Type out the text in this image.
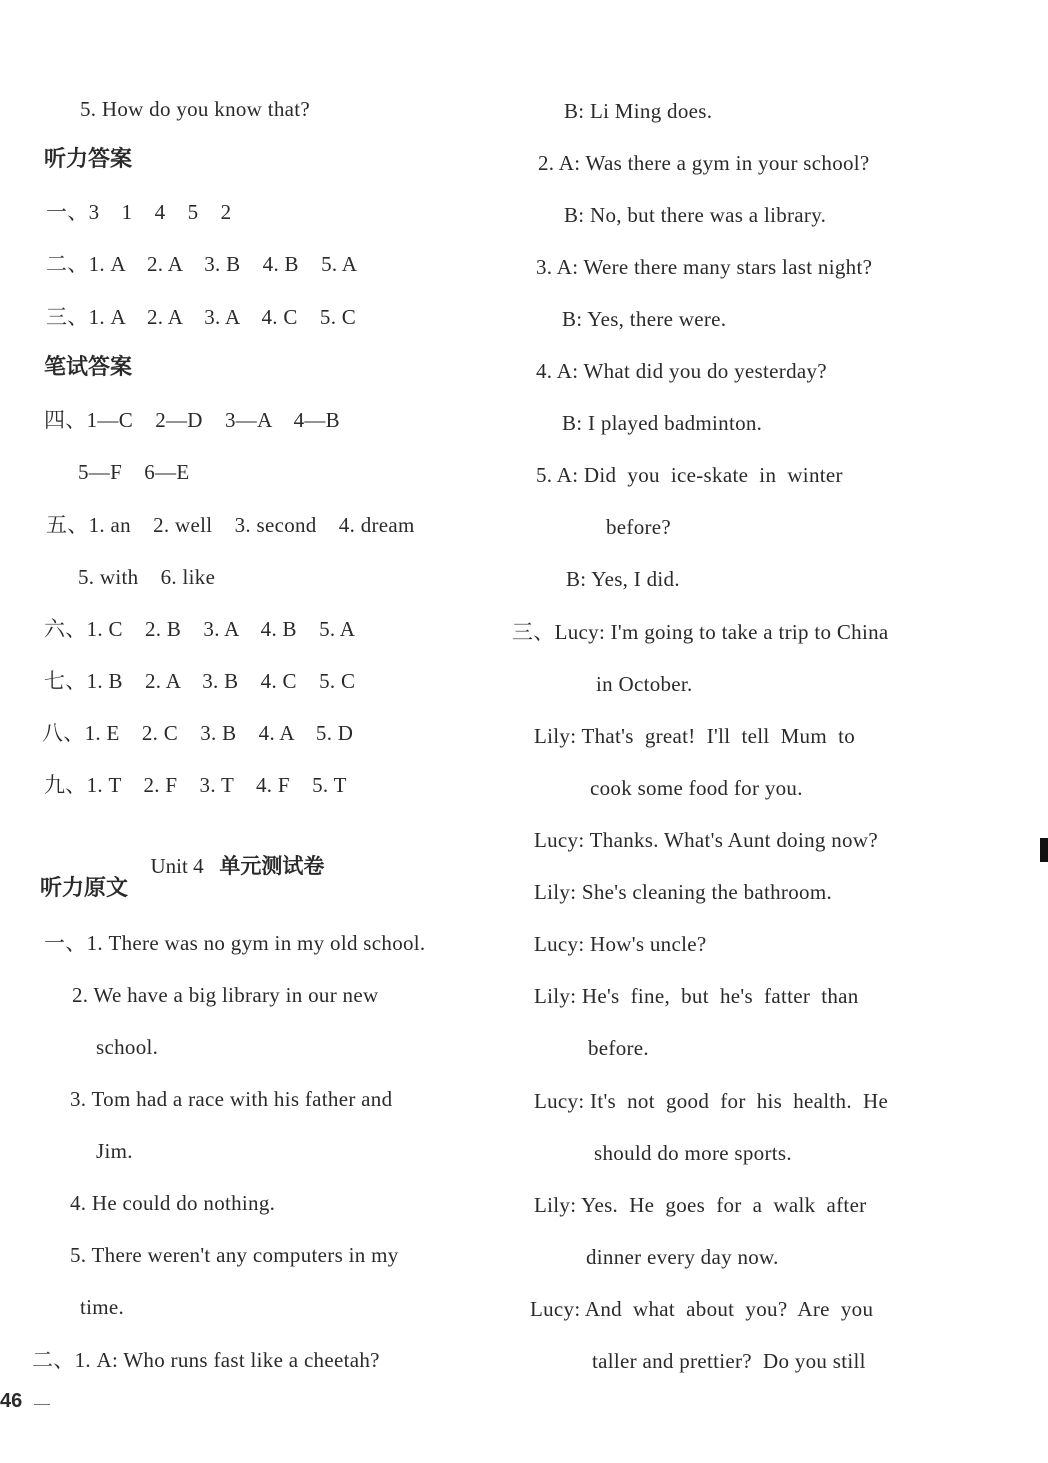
5. How do you know that?
听力答案
一、3    1    4    5    2
二、1. A    2. A    3. B    4. B    5. A
三、1. A    2. A    3. A    4. C    5. C
笔试答案
四、1—C    2—D    3—A    4—B
5—F    6—E
五、1. an    2. well    3. second    4. dream
5. with    6. like
六、1. C    2. B    3. A    4. B    5. A
七、1. B    2. A    3. B    4. C    5. C
八、1. E    2. C    3. B    4. A    5. D
九、1. T    2. F    3. T    4. F    5. T

Unit 4 单元测试卷

听力原文
一、1. There was no gym in my old school.
2. We have a big library in our new
school.
3. Tom had a race with his father and
Jim.
4. He could do nothing.
5. There weren't any computers in my
time.
二、1. A: Who runs fast like a cheetah?
B: Li Ming does.
2. A: Was there a gym in your school?
B: No, but there was a library.
3. A: Were there many stars last night?
B: Yes, there were.
4. A: What did you do yesterday?
B: I played badminton.
5. A: Did  you  ice-skate  in  winter
before?
B: Yes, I did.
三、Lucy: I'm going to take a trip to China
in October.
Lily: That's  great!  I'll  tell  Mum  to
cook some food for you.
Lucy: Thanks. What's Aunt doing now?
Lily: She's cleaning the bathroom.
Lucy: How's uncle?
Lily: He's  fine,  but  he's  fatter  than
before.
Lucy: It's  not  good  for  his  health.  He
should do more sports.
Lily: Yes.  He  goes  for  a  walk  after
dinner every day now.
Lucy: And  what  about  you?  Are  you
taller and prettier?  Do you still
46
